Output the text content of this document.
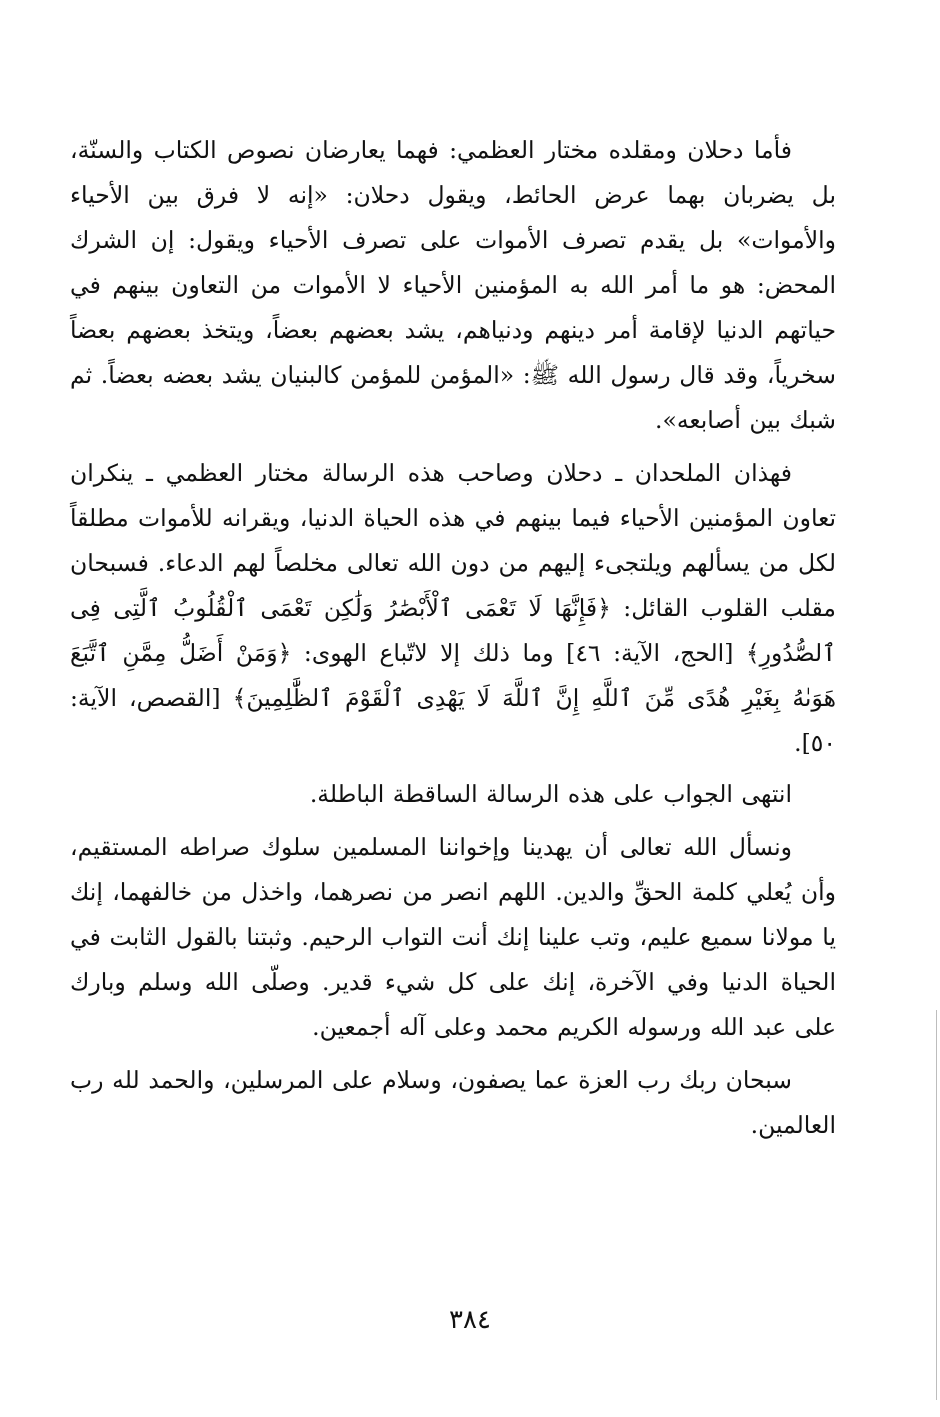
فأما دحلان ومقلده مختار العظمي: فهما يعارضان نصوص الكتاب والسنّة، بل يضربان بهما عرض الحائط، ويقول دحلان: «إنه لا فرق بين الأحياء والأموات» بل يقدم تصرف الأموات على تصرف الأحياء ويقول: إن الشرك المحض: هو ما أمر الله به المؤمنين الأحياء لا الأموات من التعاون بينهم في حياتهم الدنيا لإقامة أمر دينهم ودنياهم، يشد بعضهم بعضاً، ويتخذ بعضهم بعضاً سخرياً، وقد قال رسول الله ﷺ: «المؤمن للمؤمن كالبنيان يشد بعضه بعضاً. ثم شبك بين أصابعه».

فهذان الملحدان ـ دحلان وصاحب هذه الرسالة مختار العظمي ـ ينكران تعاون المؤمنين الأحياء فيما بينهم في هذه الحياة الدنيا، ويقرانه للأموات مطلقاً لكل من يسألهم ويلتجىء إليهم من دون الله تعالى مخلصاً لهم الدعاء. فسبحان مقلب القلوب القائل: ﴿فَإِنَّهَا لَا تَعْمَى ٱلْأَبْصَٰرُ وَلَٰكِن تَعْمَى ٱلْقُلُوبُ ٱلَّتِى فِى ٱلصُّدُورِ﴾ [الحج، الآية: ٤٦] وما ذلك إلا لاتّباع الهوى: ﴿وَمَنْ أَضَلُّ مِمَّنِ ٱتَّبَعَ هَوَىٰهُ بِغَيْرِ هُدًى مِّنَ ٱللَّهِ إِنَّ ٱللَّهَ لَا يَهْدِى ٱلْقَوْمَ ٱلظَّٰلِمِينَ﴾ [القصص، الآية: ٥٠].

انتهى الجواب على هذه الرسالة الساقطة الباطلة.

ونسأل الله تعالى أن يهدينا وإخواننا المسلمين سلوك صراطه المستقيم، وأن يُعلي كلمة الحقِّ والدين. اللهم انصر من نصرهما، واخذل من خالفهما، إنك يا مولانا سميع عليم، وتب علينا إنك أنت التواب الرحيم. وثبتنا بالقول الثابت في الحياة الدنيا وفي الآخرة، إنك على كل شيء قدير. وصلّى الله وسلم وبارك على عبد الله ورسوله الكريم محمد وعلى آله أجمعين.

سبحان ربك رب العزة عما يصفون، وسلام على المرسلين، والحمد لله رب العالمين.

٣٨٤
